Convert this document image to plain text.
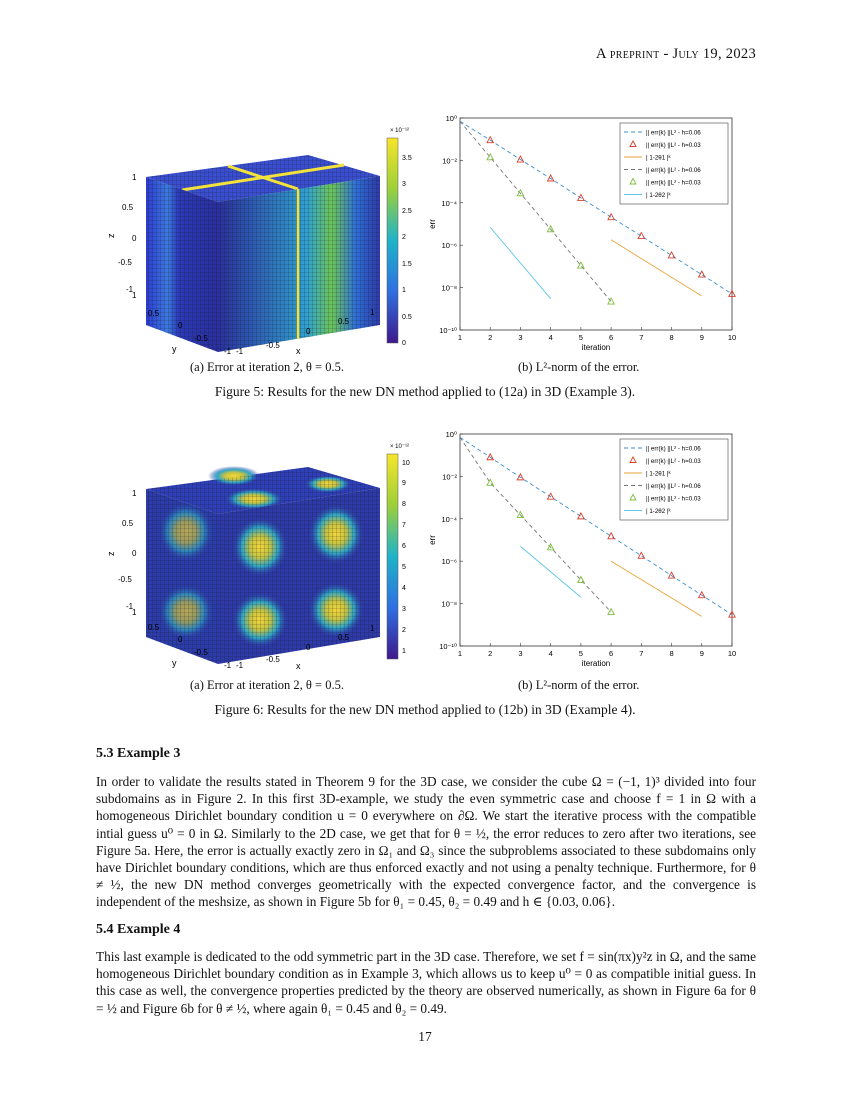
A preprint - July 19, 2023
1
0.5
0
-0.5
-1
z
1
0.5
0
-0.5
-1
y	-1
-0.5
0
0.5
1
x
× 10⁻¹²
3.5
3
2.5
2
1.5
1
0.5
0
1	2	3	4	5	6	7	8	9	10
10⁰
10⁻²
10⁻⁴
10⁻⁶
10⁻⁸
10⁻¹⁰
iteration
err
|| err(k) ||L² - h=0.06
|| err(k) ||L² - h=0.03
| 1-2θ1 |ᵏ
|| err(k) ||L² - h=0.06
|| err(k) ||L² - h=0.03
| 1-2θ2 |ᵏ
(a) Error at iteration 2, θ = 0.5.	(b) L²-norm of the error.
Figure 5: Results for the new DN method applied to (12a) in 3D (Example 3).
1
0.5
0
-0.5
-1
z
1
0.5
0
-0.5
-1
y	-1
-0.5
0
0.5
1
x
× 10⁻¹²
10
9
8
7
6
5
4
3
2
1	1	2	3	4	5	6	7	8	9	10
10⁰
10⁻²
10⁻⁴
10⁻⁶
10⁻⁸
10⁻¹⁰
iteration
err
|| err(k) ||L² - h=0.06
|| err(k) ||L² - h=0.03
| 1-2θ1 |ᵏ
|| err(k) ||L² - h=0.06
|| err(k) ||L² - h=0.03
| 1-2θ2 |ᵏ
(a) Error at iteration 2, θ = 0.5.	(b) L²-norm of the error.
Figure 6: Results for the new DN method applied to (12b) in 3D (Example 4).
5.3 Example 3
In order to validate the results stated in Theorem 9 for the 3D case, we consider the cube Ω = (−1, 1)³ divided into four subdomains as in Figure 2. In this first 3D-example, we study the even symmetric case and choose f = 1 in Ω with a homogeneous Dirichlet boundary condition u = 0 everywhere on ∂Ω. We start the iterative process with the compatible intial guess u⁰ = 0 in Ω. Similarly to the 2D case, we get that for θ = ½, the error reduces to zero after two iterations, see Figure 5a. Here, the error is actually exactly zero in Ω₁ and Ω₃ since the subproblems associated to these subdomains only have Dirichlet boundary conditions, which are thus enforced exactly and not using a penalty technique. Furthermore, for θ ≠ ½, the new DN method converges geometrically with the expected convergence factor, and the convergence is independent of the meshsize, as shown in Figure 5b for θ₁ = 0.45, θ₂ = 0.49 and h ∈ {0.03, 0.06}.
5.4 Example 4
This last example is dedicated to the odd symmetric part in the 3D case. Therefore, we set f = sin(πx)y²z in Ω, and the same homogeneous Dirichlet boundary condition as in Example 3, which allows us to keep u⁰ = 0 as compatible initial guess. In this case as well, the convergence properties predicted by the theory are observed numerically, as shown in Figure 6a for θ = ½ and Figure 6b for θ ≠ ½, where again θ₁ = 0.45 and θ₂ = 0.49.
17
